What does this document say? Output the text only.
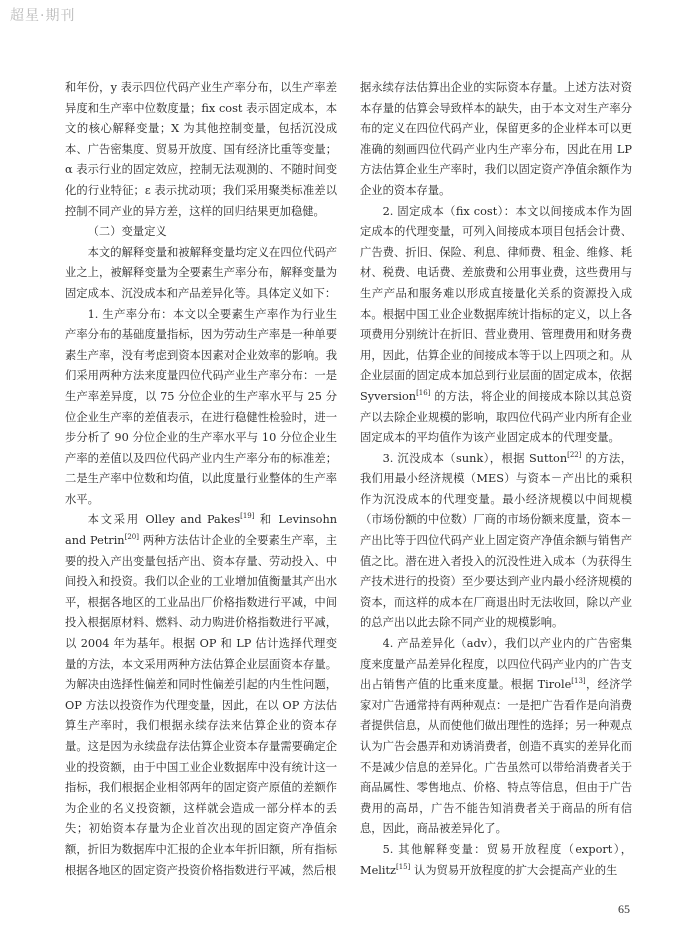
超星·期刊

和年份，y 表示四位代码产业生产率分布，以生产率差异度和生产率中位数度量；fix cost 表示固定成本，本文的核心解释变量；X 为其他控制变量，包括沉没成本、广告密集度、贸易开放度、国有经济比重等变量；α 表示行业的固定效应，控制无法观测的、不随时间变化的行业特征；ε 表示扰动项；我们采用聚类标准差以控制不同产业的异方差，这样的回归结果更加稳健。

（二）变量定义

本文的解释变量和被解释变量均定义在四位代码产业之上，被解释变量为全要素生产率分布，解释变量为固定成本、沉没成本和产品差异化等。具体定义如下：

1. 生产率分布：本文以全要素生产率作为行业生产率分布的基础度量指标，因为劳动生产率是一种单要素生产率，没有考虑到资本因素对企业效率的影响。我们采用两种方法来度量四位代码产业生产率分布：一是生产率差异度，以 75 分位企业的生产率水平与 25 分位企业生产率的差值表示，在进行稳健性检验时，进一步分析了 90 分位企业的生产率水平与 10 分位企业生产率的差值以及四位代码产业内生产率分布的标准差；二是生产率中位数和均值，以此度量行业整体的生产率水平。

本文采用 Olley and Pakes[19] 和 Levinsohn and Petrin[20] 两种方法估计企业的全要素生产率，主要的投入产出变量包括产出、资本存量、劳动投入、中间投入和投资。我们以企业的工业增加值衡量其产出水平，根据各地区的工业品出厂价格指数进行平减，中间投入根据原材料、燃料、动力购进价格指数进行平减，以 2004 年为基年。根据 OP 和 LP 估计选择代理变量的方法，本文采用两种方法估算企业层面资本存量。为解决由选择性偏差和同时性偏差引起的内生性问题，OP 方法以投资作为代理变量，因此，在以 OP 方法估算生产率时，我们根据永续存法来估算企业的资本存量。这是因为永续盘存法估算企业资本存量需要确定企业的投资额，由于中国工业企业数据库中没有统计这一指标，我们根据企业相邻两年的固定资产原值的差额作为企业的名义投资额，这样就会造成一部分样本的丢失；初始资本存量为企业首次出现的固定资产净值余额，折旧为数据库中汇报的企业本年折旧额，所有指标根据各地区的固定资产投资价格指数进行平减，然后根

据永续存法估算出企业的实际资本存量。上述方法对资本存量的估算会导致样本的缺失，由于本文对生产率分布的定义在四位代码产业，保留更多的企业样本可以更准确的刻画四位代码产业内生产率分布，因此在用 LP 方法估算企业生产率时，我们以固定资产净值余额作为企业的资本存量。

2. 固定成本（fix cost）：本文以间接成本作为固定成本的代理变量，可列入间接成本项目包括会计费、广告费、折旧、保险、利息、律师费、租金、维修、耗材、税费、电话费、差旅费和公用事业费，这些费用与生产产品和服务难以形成直接量化关系的资源投入成本。根据中国工业企业数据库统计指标的定义，以上各项费用分别统计在折旧、营业费用、管理费用和财务费用，因此，估算企业的间接成本等于以上四项之和。从企业层面的固定成本加总到行业层面的固定成本，依据 Syversion[16] 的方法，将企业的间接成本除以其总资产以去除企业规模的影响，取四位代码产业内所有企业固定成本的平均值作为该产业固定成本的代理变量。

3. 沉没成本（sunk），根据 Sutton[22] 的方法，我们用最小经济规模（MES）与资本－产出比的乘积作为沉没成本的代理变量。最小经济规模以中间规模（市场份额的中位数）厂商的市场份额来度量，资本－产出比等于四位代码产业上固定资产净值余额与销售产值之比。潜在进入者投入的沉没性进入成本（为获得生产技术进行的投资）至少要达到产业内最小经济规模的资本，而这样的成本在厂商退出时无法收回，除以产业的总产出以此去除不同产业的规模影响。

4. 产品差异化（adv），我们以产业内的广告密集度来度量产品差异化程度，以四位代码产业内的广告支出占销售产值的比重来度量。根据 Tirole[13]，经济学家对广告通常持有两种观点：一是把广告看作是向消费者提供信息，从而使他们做出理性的选择；另一种观点认为广告会愚弄和劝诱消费者，创造不真实的差异化而不是减少信息的差异化。广告虽然可以带给消费者关于商品属性、零售地点、价格、特点等信息，但由于广告费用的高昂，广告不能告知消费者关于商品的所有信息，因此，商品被差异化了。

5. 其他解释变量：贸易开放程度（export），Melitz[15] 认为贸易开放程度的扩大会提高产业的生

65
